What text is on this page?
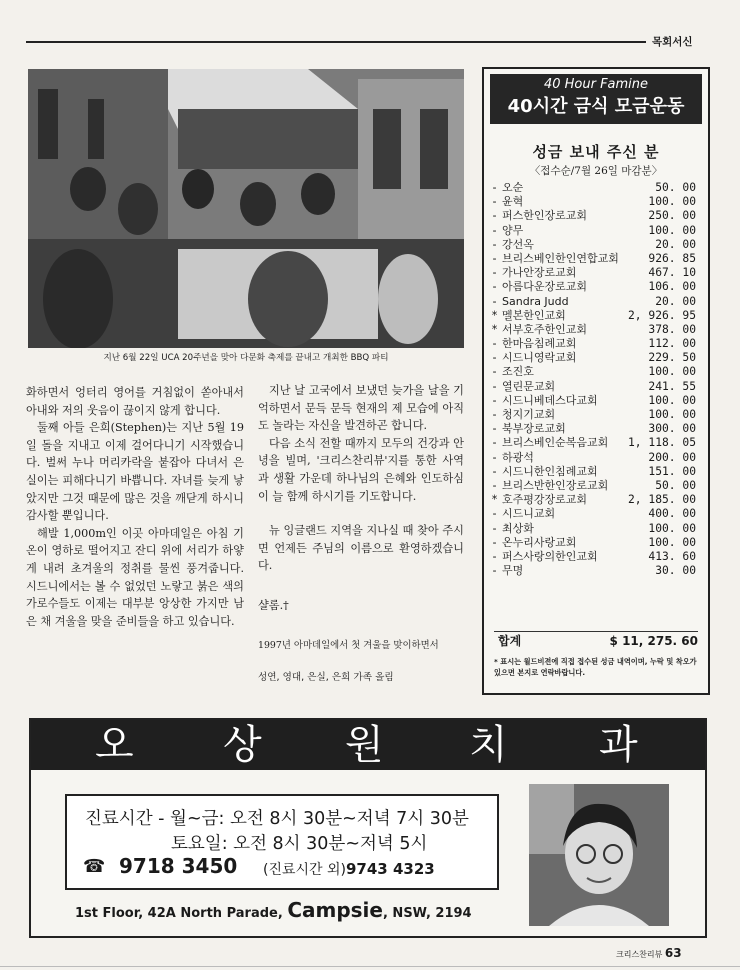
목회서신
지난 6월 22일 UCA 20주년을 맞아 다문화 축제를 끝내고 개최한 BBQ 파티

화하면서 엉터리 영어를 거침없이 쏟아내서 아내와 저의 웃음이 끊이지 않게 합니다.

둘째 아들 은희(Stephen)는 지난 5월 19일 돌을 지내고 이제 걸어다니기 시작했습니다. 벌써 누나 머리카락을 붙잡아 다녀서 은실이는 피해다니기 바쁩니다. 자녀를 늦게 낳았지만 그것 때문에 많은 것을 깨닫게 하시니 감사할 뿐입니다.

해발 1,000m인 이곳 아마데일은 아침 기온이 영하로 떨어지고 잔디 위에 서리가 하얗게 내려 초겨울의 정취를 물씬 풍겨줍니다. 시드니에서는 볼 수 없었던 노랗고 붉은 색의 가로수들도 이제는 대부분 앙상한 가지만 남은 채 겨울을 맞을 준비들을 하고 있습니다.

지난 날 고국에서 보냈던 늦가을 날을 기억하면서 문득 문득 현재의 제 모습에 아직도 놀라는 자신을 발견하곤 합니다.

다음 소식 전할 때까지 모두의 건강과 안녕을 빌며, '크리스찬리뷰'지를 통한 사역과 생활 가운데 하나님의 은혜와 인도하심이 늘 함께 하시기를 기도합니다.

뉴 잉글랜드 지역을 지나실 때 찾아 주시면 언제든 주님의 이름으로 환영하겠습니다.

샬롬.†

1997년 아마데일에서 첫 겨울을 맞이하면서

성연, 영대, 은실, 은희 가족 올림

40 Hour Famine
40시간 금식 모금운동
성금 보내 주신 분
〈접수순/7월 26일 마감분〉
- 오순	50. 00
- 윤혁	100. 00
- 퍼스한인장로교회	250. 00
- 양무	100. 00
- 강선옥	20. 00
- 브리스베인한인연합교회	926. 85
- 가나안장로교회	467. 10
- 아름다운장로교회	106. 00
- Sandra Judd	20. 00
* 멜본한인교회	2, 926. 95
* 서부호주한인교회	378. 00
- 한마음침례교회	112. 00
- 시드니영락교회	229. 50
- 조진호	100. 00
- 열린문교회	241. 55
- 시드니베데스다교회	100. 00
- 청지기교회	100. 00
- 북부장로교회	300. 00
- 브리스베인순복음교회 1, 118. 05
- 하광석	200. 00
- 시드니한인침례교회	151. 00
- 브리스반한인장로교회	50. 00
* 호주평강장로교회	2, 185. 00
- 시드니교회	400. 00
- 최상화	100. 00
- 온누리사랑교회	100. 00
- 퍼스사랑의한인교회	413. 60
- 무명	30. 00
합계	$ 11, 275. 60
* 표시는 월드비젼에 직접 접수된 성금 내역이며, 누락 및 착오가 있으면 본지로 연락바랍니다.
오 상 원 치 과
진료시간 - 월~금: 오전 8시 30분~저녁 7시 30분
토요일: 오전 8시 30분~저녁 5시
☎ 9718 3450 (진료시간 외)9743 4323
1st Floor, 42A North Parade, Campsie, NSW, 2194
크리스찬리뷰 63
